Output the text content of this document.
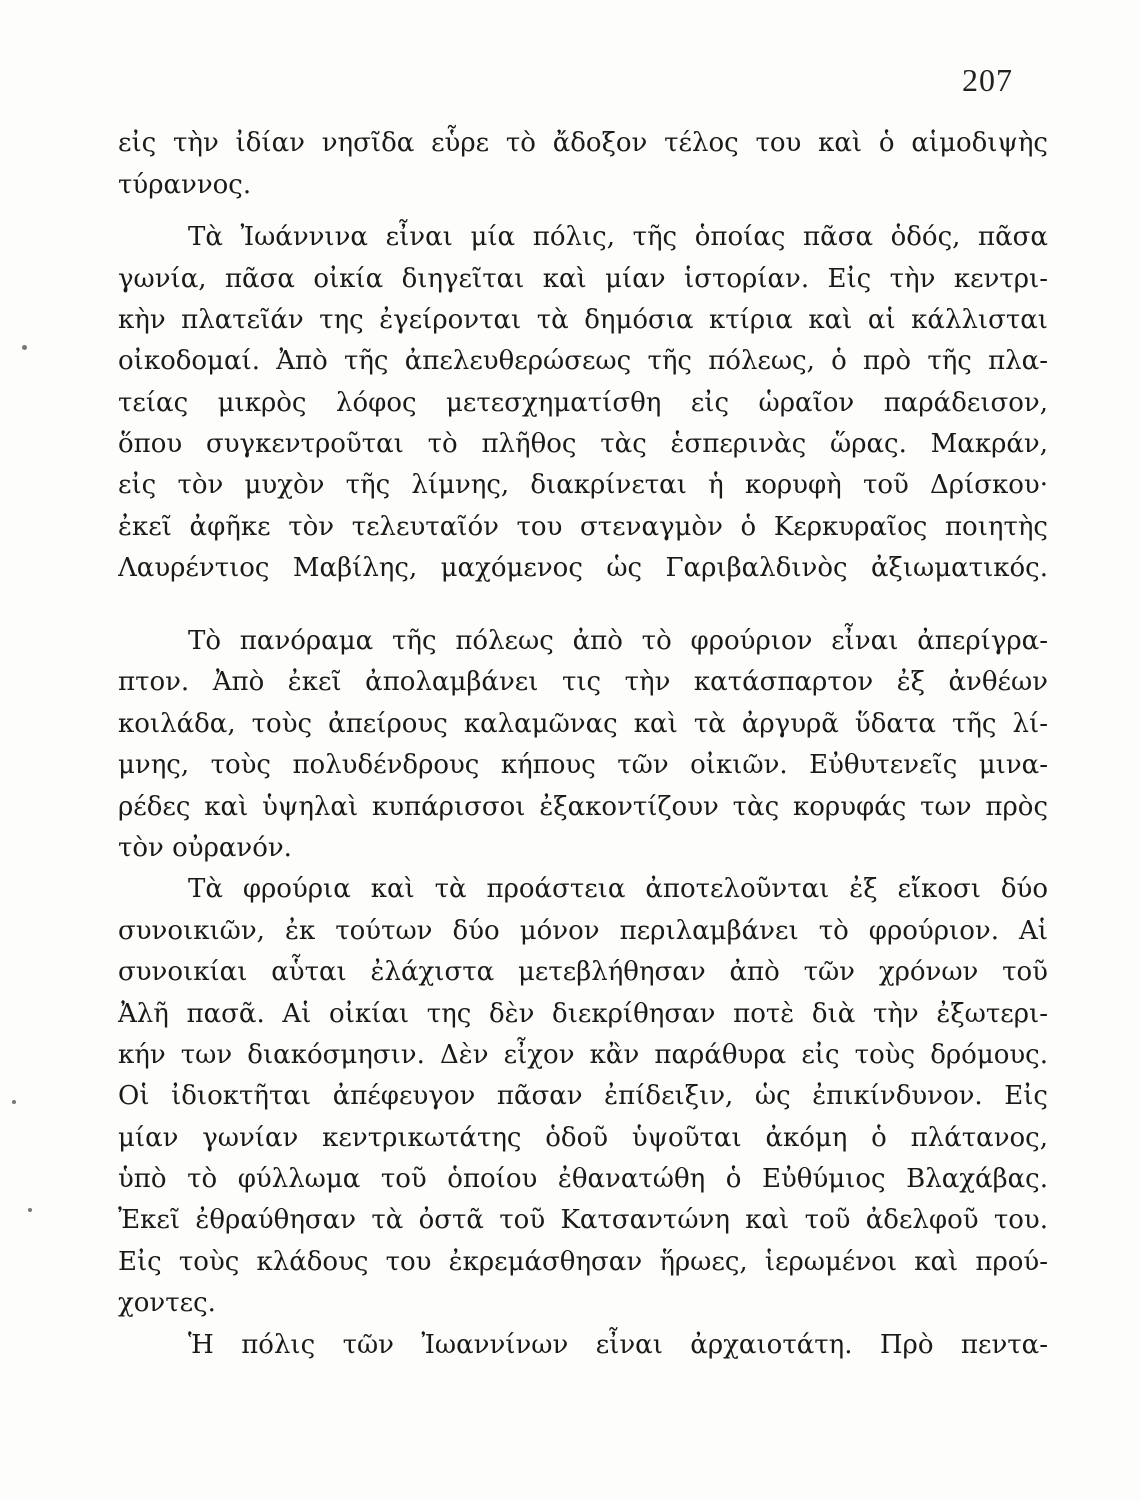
207
εἰς τὴν ἰδίαν νησῖδα εὗρε τὸ ἄδοξον τέλος του καὶ ὁ αἱμοδιψὴς
τύραννος.
Τὰ Ἰωάννινα εἶναι μία πόλις, τῆς ὁποίας πᾶσα ὁδός, πᾶσα
γωνία, πᾶσα οἰκία διηγεῖται καὶ μίαν ἱστορίαν. Εἰς τὴν κεντρι-
κὴν πλατεῖάν της ἐγείρονται τὰ δημόσια κτίρια καὶ αἱ κάλλισται
οἰκοδομαί. Ἀπὸ τῆς ἀπελευθερώσεως τῆς πόλεως, ὁ πρὸ τῆς πλα-
τείας μικρὸς λόφος μετεσχηματίσθη εἰς ὡραῖον παράδεισον,
ὅπου συγκεντροῦται τὸ πλῆθος τὰς ἑσπερινὰς ὥρας. Μακράν,
εἰς τὸν μυχὸν τῆς λίμνης, διακρίνεται ἡ κορυφὴ τοῦ Δρίσκου·
ἐκεῖ ἀφῆκε τὸν τελευταῖόν του στεναγμὸν ὁ Κερκυραῖος ποιητὴς
Λαυρέντιος Μαβίλης, μαχόμενος ὡς Γαριβαλδινὸς ἀξιωματικός.
Τὸ πανόραμα τῆς πόλεως ἀπὸ τὸ φρούριον εἶναι ἀπερίγρα-
πτον. Ἀπὸ ἐκεῖ ἀπολαμβάνει τις τὴν κατάσπαρτον ἐξ ἀνθέων
κοιλάδα, τοὺς ἀπείρους καλαμῶνας καὶ τὰ ἀργυρᾶ ὕδατα τῆς λί-
μνης, τοὺς πολυδένδρους κήπους τῶν οἰκιῶν. Εὐθυτενεῖς μινα-
ρέδες καὶ ὑψηλαὶ κυπάρισσοι ἐξακοντίζουν τὰς κορυφάς των πρὸς
τὸν οὐρανόν.
Τὰ φρούρια καὶ τὰ προάστεια ἀποτελοῦνται ἐξ εἴκοσι δύο
συνοικιῶν, ἐκ τούτων δύο μόνον περιλαμβάνει τὸ φρούριον. Αἱ
συνοικίαι αὗται ἐλάχιστα μετεβλήθησαν ἀπὸ τῶν χρόνων τοῦ
Ἀλῆ πασᾶ. Αἱ οἰκίαι της δὲν διεκρίθησαν ποτὲ διὰ τὴν ἐξωτερι-
κήν των διακόσμησιν. Δὲν εἶχον κἂν παράθυρα εἰς τοὺς δρόμους.
Οἱ ἰδιοκτῆται ἀπέφευγον πᾶσαν ἐπίδειξιν, ὡς ἐπικίνδυνον. Εἰς
μίαν γωνίαν κεντρικωτάτης ὁδοῦ ὑψοῦται ἀκόμη ὁ πλάτανος,
ὑπὸ τὸ φύλλωμα τοῦ ὁποίου ἐθανατώθη ὁ Εὐθύμιος Βλαχάβας.
Ἐκεῖ ἐθραύθησαν τὰ ὀστᾶ τοῦ Κατσαντώνη καὶ τοῦ ἀδελφοῦ του.
Εἰς τοὺς κλάδους του ἐκρεμάσθησαν ἥρωες, ἱερωμένοι καὶ πρού-
χοντες.
Ἡ πόλις τῶν Ἰωαννίνων εἶναι ἀρχαιοτάτη. Πρὸ πεντα-
